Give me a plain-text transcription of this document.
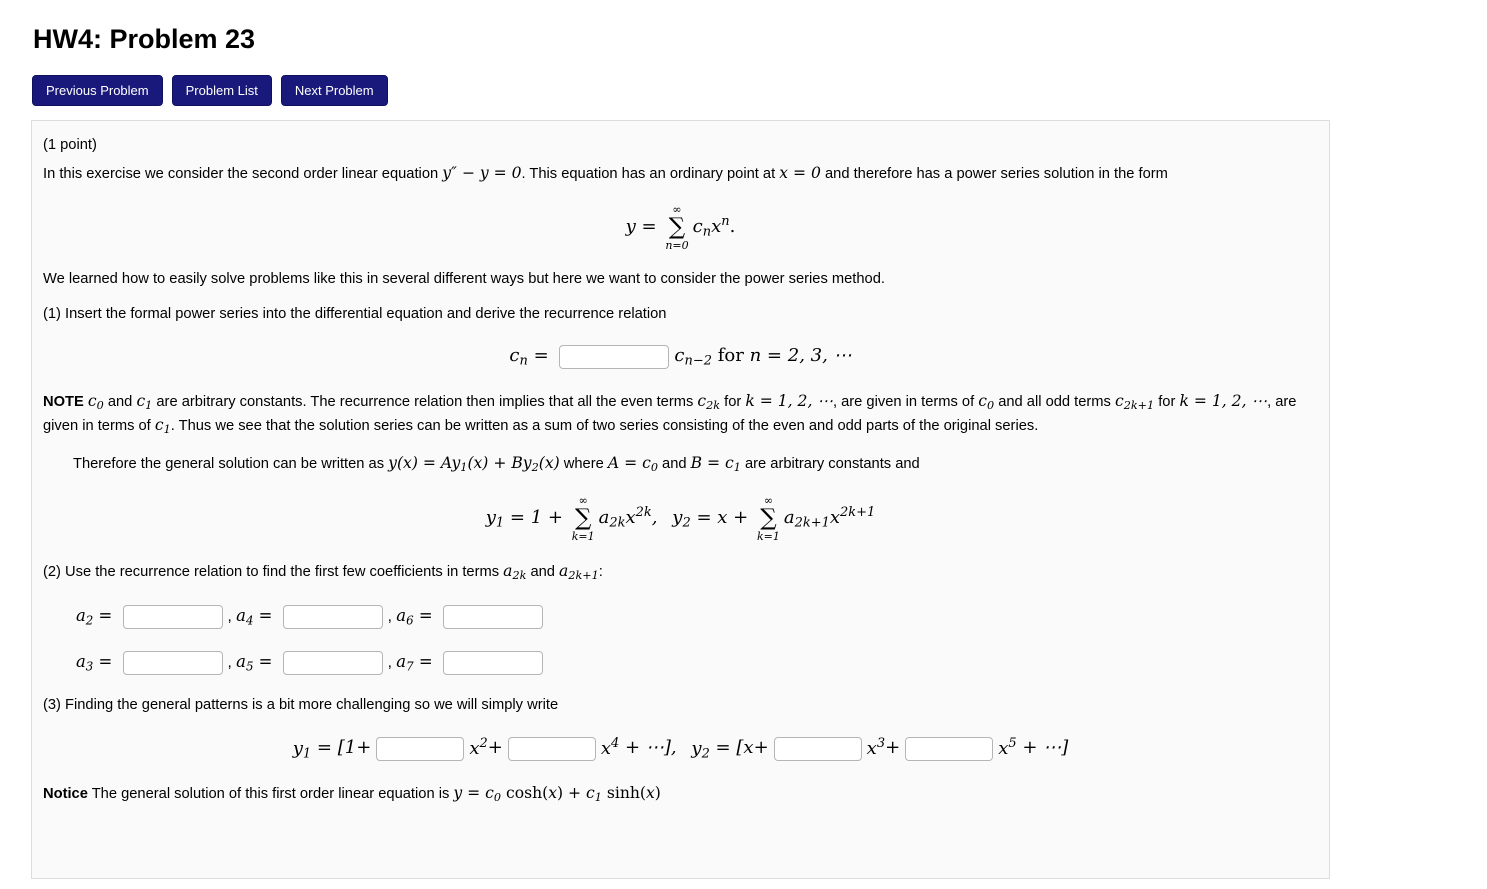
HW4: Problem 23
Previous Problem	Problem List	Next Problem
(1 point)
In this exercise we consider the second order linear equation y″ − y = 0. This equation has an ordinary point at x = 0 and therefore has a power series solution in the form
y =
∞
∑
n=0
$c_nx^n$.
We learned how to easily solve problems like this in several different ways but here we want to consider the power series method.
(1) Insert the formal power series into the differential equation and derive the recurrence relation
$c_n$ =	$c_{n-2}$ for n = 2, 3, ⋯
NOTE $c_0$ and $c_1$ are arbitrary constants. The recurrence relation then implies that all the even terms $c_{2k}$ for k = 1, 2, ⋯, are given in terms of $c_0$ and all odd terms $c_{2k+1}$ for k = 1, 2, ⋯, are given in terms of $c_1$. Thus we see that the solution series can be written as a sum of two series consisting of the even and odd parts of the original series.
Therefore the general solution can be written as $y(x) = Ay_1(x) + By_2(x)$ where $A = c_0$ and $B = c_1$ are arbitrary constants and
$y_1 = 1$ +
∞
∑
k=1
$a_{2k}x^{2k}$,  $y_2 = x$ +
∞
∑
k=1
$a_{2k+1}x^{2k+1}$
(2) Use the recurrence relation to find the first few coefficients in terms $a_{2k}$ and $a_{2k+1}$:
$a_2$ =	, $a_4$ =	, $a_6$ =
$a_3$ =	, $a_5$ =	, $a_7$ =
(3) Finding the general patterns is a bit more challenging so we will simply write
$y_1 = [1+$	$x^2+$	$x^4$ + ⋯],  $y_2 = [x+$	$x^3+$	$x^5$ + ⋯]
Notice The general solution of this first order linear equation is $y = c_0$ $\cosh(x) + c_1$ sinh(x)
